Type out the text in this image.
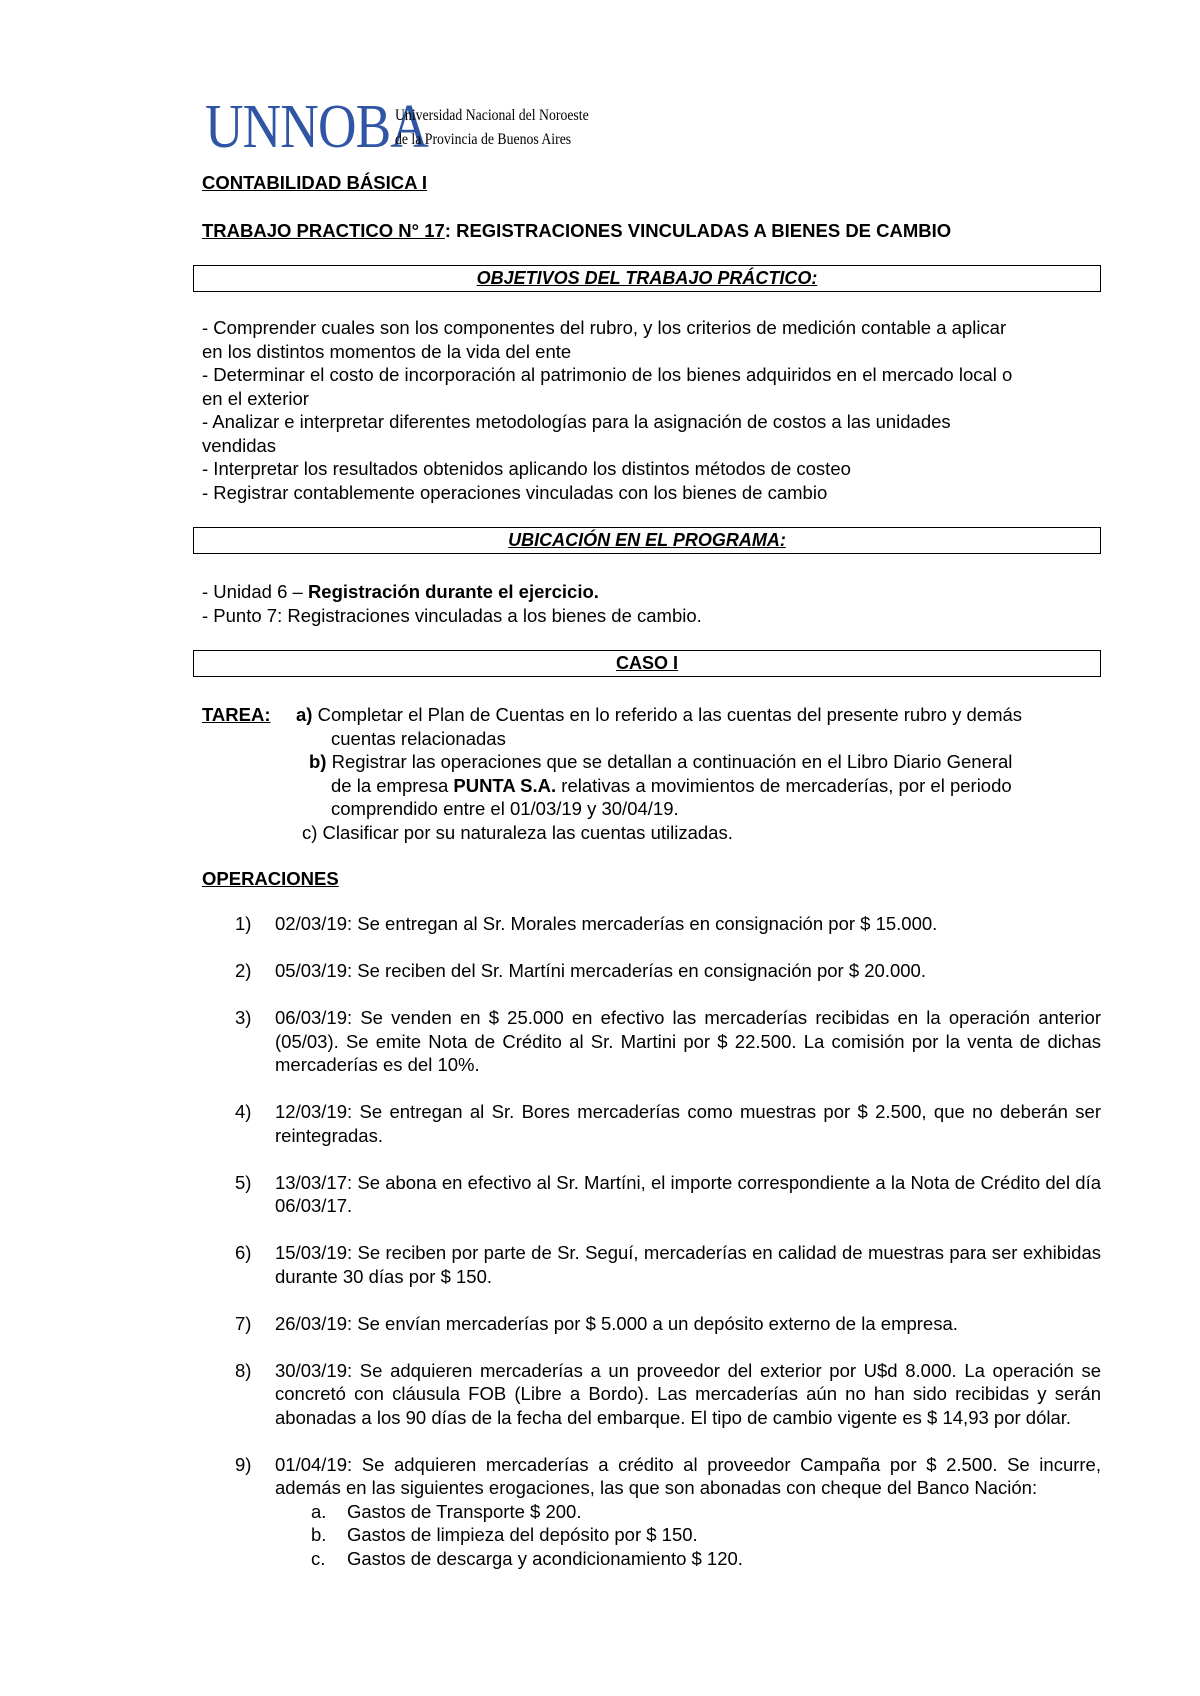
UNNOBA
Universidad Nacional del Noroeste
de la Provincia de Buenos Aires
CONTABILIDAD BÁSICA I
TRABAJO PRACTICO N° 17: REGISTRACIONES VINCULADAS A BIENES DE CAMBIO
OBJETIVOS DEL TRABAJO PRÁCTICO:

- Comprender cuales son los componentes del rubro, y los criterios de medición contable a aplicar

en los distintos momentos de la vida del ente

- Determinar el costo de incorporación al patrimonio de los bienes adquiridos en el mercado local o

en el exterior

- Analizar e interpretar diferentes metodologías para la asignación de costos a las unidades

vendidas

- Interpretar los resultados obtenidos aplicando los distintos métodos de costeo

- Registrar contablemente operaciones vinculadas con los bienes de cambio

UBICACIÓN EN EL PROGRAMA:

- Unidad 6 – Registración durante el ejercicio.

- Punto 7: Registraciones vinculadas a los bienes de cambio.

CASO I
TAREA:	a) Completar el Plan de Cuentas en lo referido a las cuentas del presente rubro y demás
cuentas relacionadas
b) Registrar las operaciones que se detallan a continuación en el Libro Diario General
de la empresa PUNTA S.A. relativas a movimientos de mercaderías, por el periodo
comprendido entre el 01/03/19 y 30/04/19.
c) Clasificar por su naturaleza las cuentas utilizadas.
OPERACIONES
1) 02/03/19: Se entregan al Sr. Morales mercaderías en consignación por $ 15.000.
2) 05/03/19: Se reciben del Sr. Martíni mercaderías en consignación por $ 20.000.
3) 06/03/19: Se venden en $ 25.000 en efectivo las mercaderías recibidas en la operación anterior (05/03). Se emite Nota de Crédito al Sr. Martini por $ 22.500. La comisión por la venta de dichas mercaderías es del 10%.
4) 12/03/19: Se entregan al Sr. Bores mercaderías como muestras por $ 2.500, que no deberán ser reintegradas.
5) 13/03/17: Se abona en efectivo al Sr. Martíni, el importe correspondiente a la Nota de Crédito del día 06/03/17.
6) 15/03/19: Se reciben por parte de Sr. Seguí, mercaderías en calidad de muestras para ser exhibidas durante 30 días por $ 150.
7) 26/03/19: Se envían mercaderías por $ 5.000 a un depósito externo de la empresa.
8) 30/03/19: Se adquieren mercaderías a un proveedor del exterior por U$d 8.000. La operación se concretó con cláusula FOB (Libre a Bordo). Las mercaderías aún no han sido recibidas y serán abonadas a los 90 días de la fecha del embarque. El tipo de cambio vigente es $ 14,93 por dólar.
9) 01/04/19: Se adquieren mercaderías a crédito al proveedor Campaña por $ 2.500. Se incurre, además en las siguientes erogaciones, las que son abonadas con cheque del Banco Nación:
a. Gastos de Transporte $ 200.
b. Gastos de limpieza del depósito por $ 150.
c. Gastos de descarga y acondicionamiento $ 120.
